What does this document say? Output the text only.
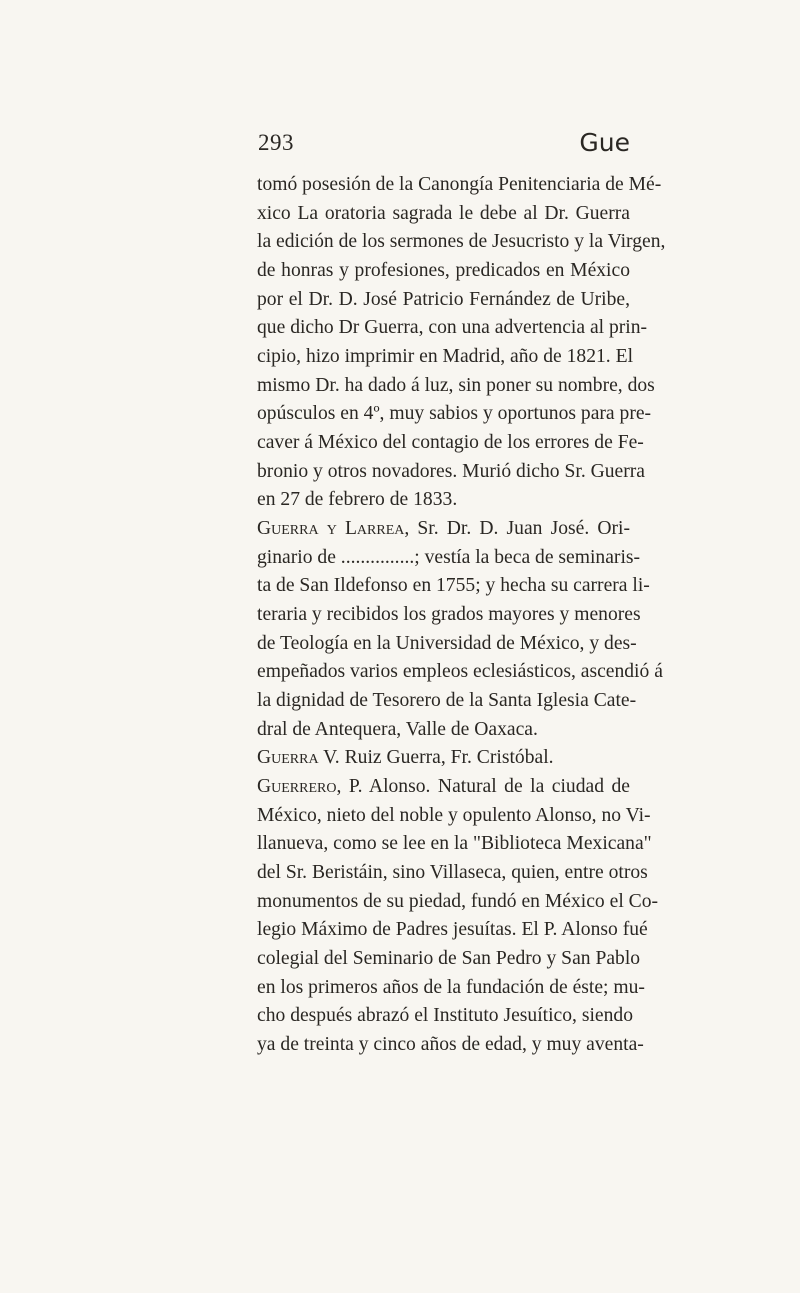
293	Gue
tomó posesión de la Canongía Penitenciaria de Mé-
xico La oratoria sagrada le debe al Dr. Guerra
la edición de los sermones de Jesucristo y la Virgen,
de honras y profesiones, predicados en México
por el Dr. D. José Patricio Fernández de Uribe,
que dicho Dr Guerra, con una advertencia al prin-
cipio, hizo imprimir en Madrid, año de 1821. El
mismo Dr. ha dado á luz, sin poner su nombre, dos
opúsculos en 4º, muy sabios y oportunos para pre-
caver á México del contagio de los errores de Fe-
bronio y otros novadores. Murió dicho Sr. Guerra
en 27 de febrero de 1833.
Guerra y Larrea, Sr. Dr. D. Juan José. Ori-
ginario de ...............; vestía la beca de seminaris-
ta de San Ildefonso en 1755; y hecha su carrera li-
teraria y recibidos los grados mayores y menores
de Teología en la Universidad de México, y des-
empeñados varios empleos eclesiásticos, ascendió á
la dignidad de Tesorero de la Santa Iglesia Cate-
dral de Antequera, Valle de Oaxaca.
Guerra V. Ruiz Guerra, Fr. Cristóbal.
Guerrero, P. Alonso. Natural de la ciudad de
México, nieto del noble y opulento Alonso, no Vi-
llanueva, como se lee en la "Biblioteca Mexicana"
del Sr. Beristáin, sino Villaseca, quien, entre otros
monumentos de su piedad, fundó en México el Co-
legio Máximo de Padres jesuítas. El P. Alonso fué
colegial del Seminario de San Pedro y San Pablo
en los primeros años de la fundación de éste; mu-
cho después abrazó el Instituto Jesuítico, siendo
ya de treinta y cinco años de edad, y muy aventa-
